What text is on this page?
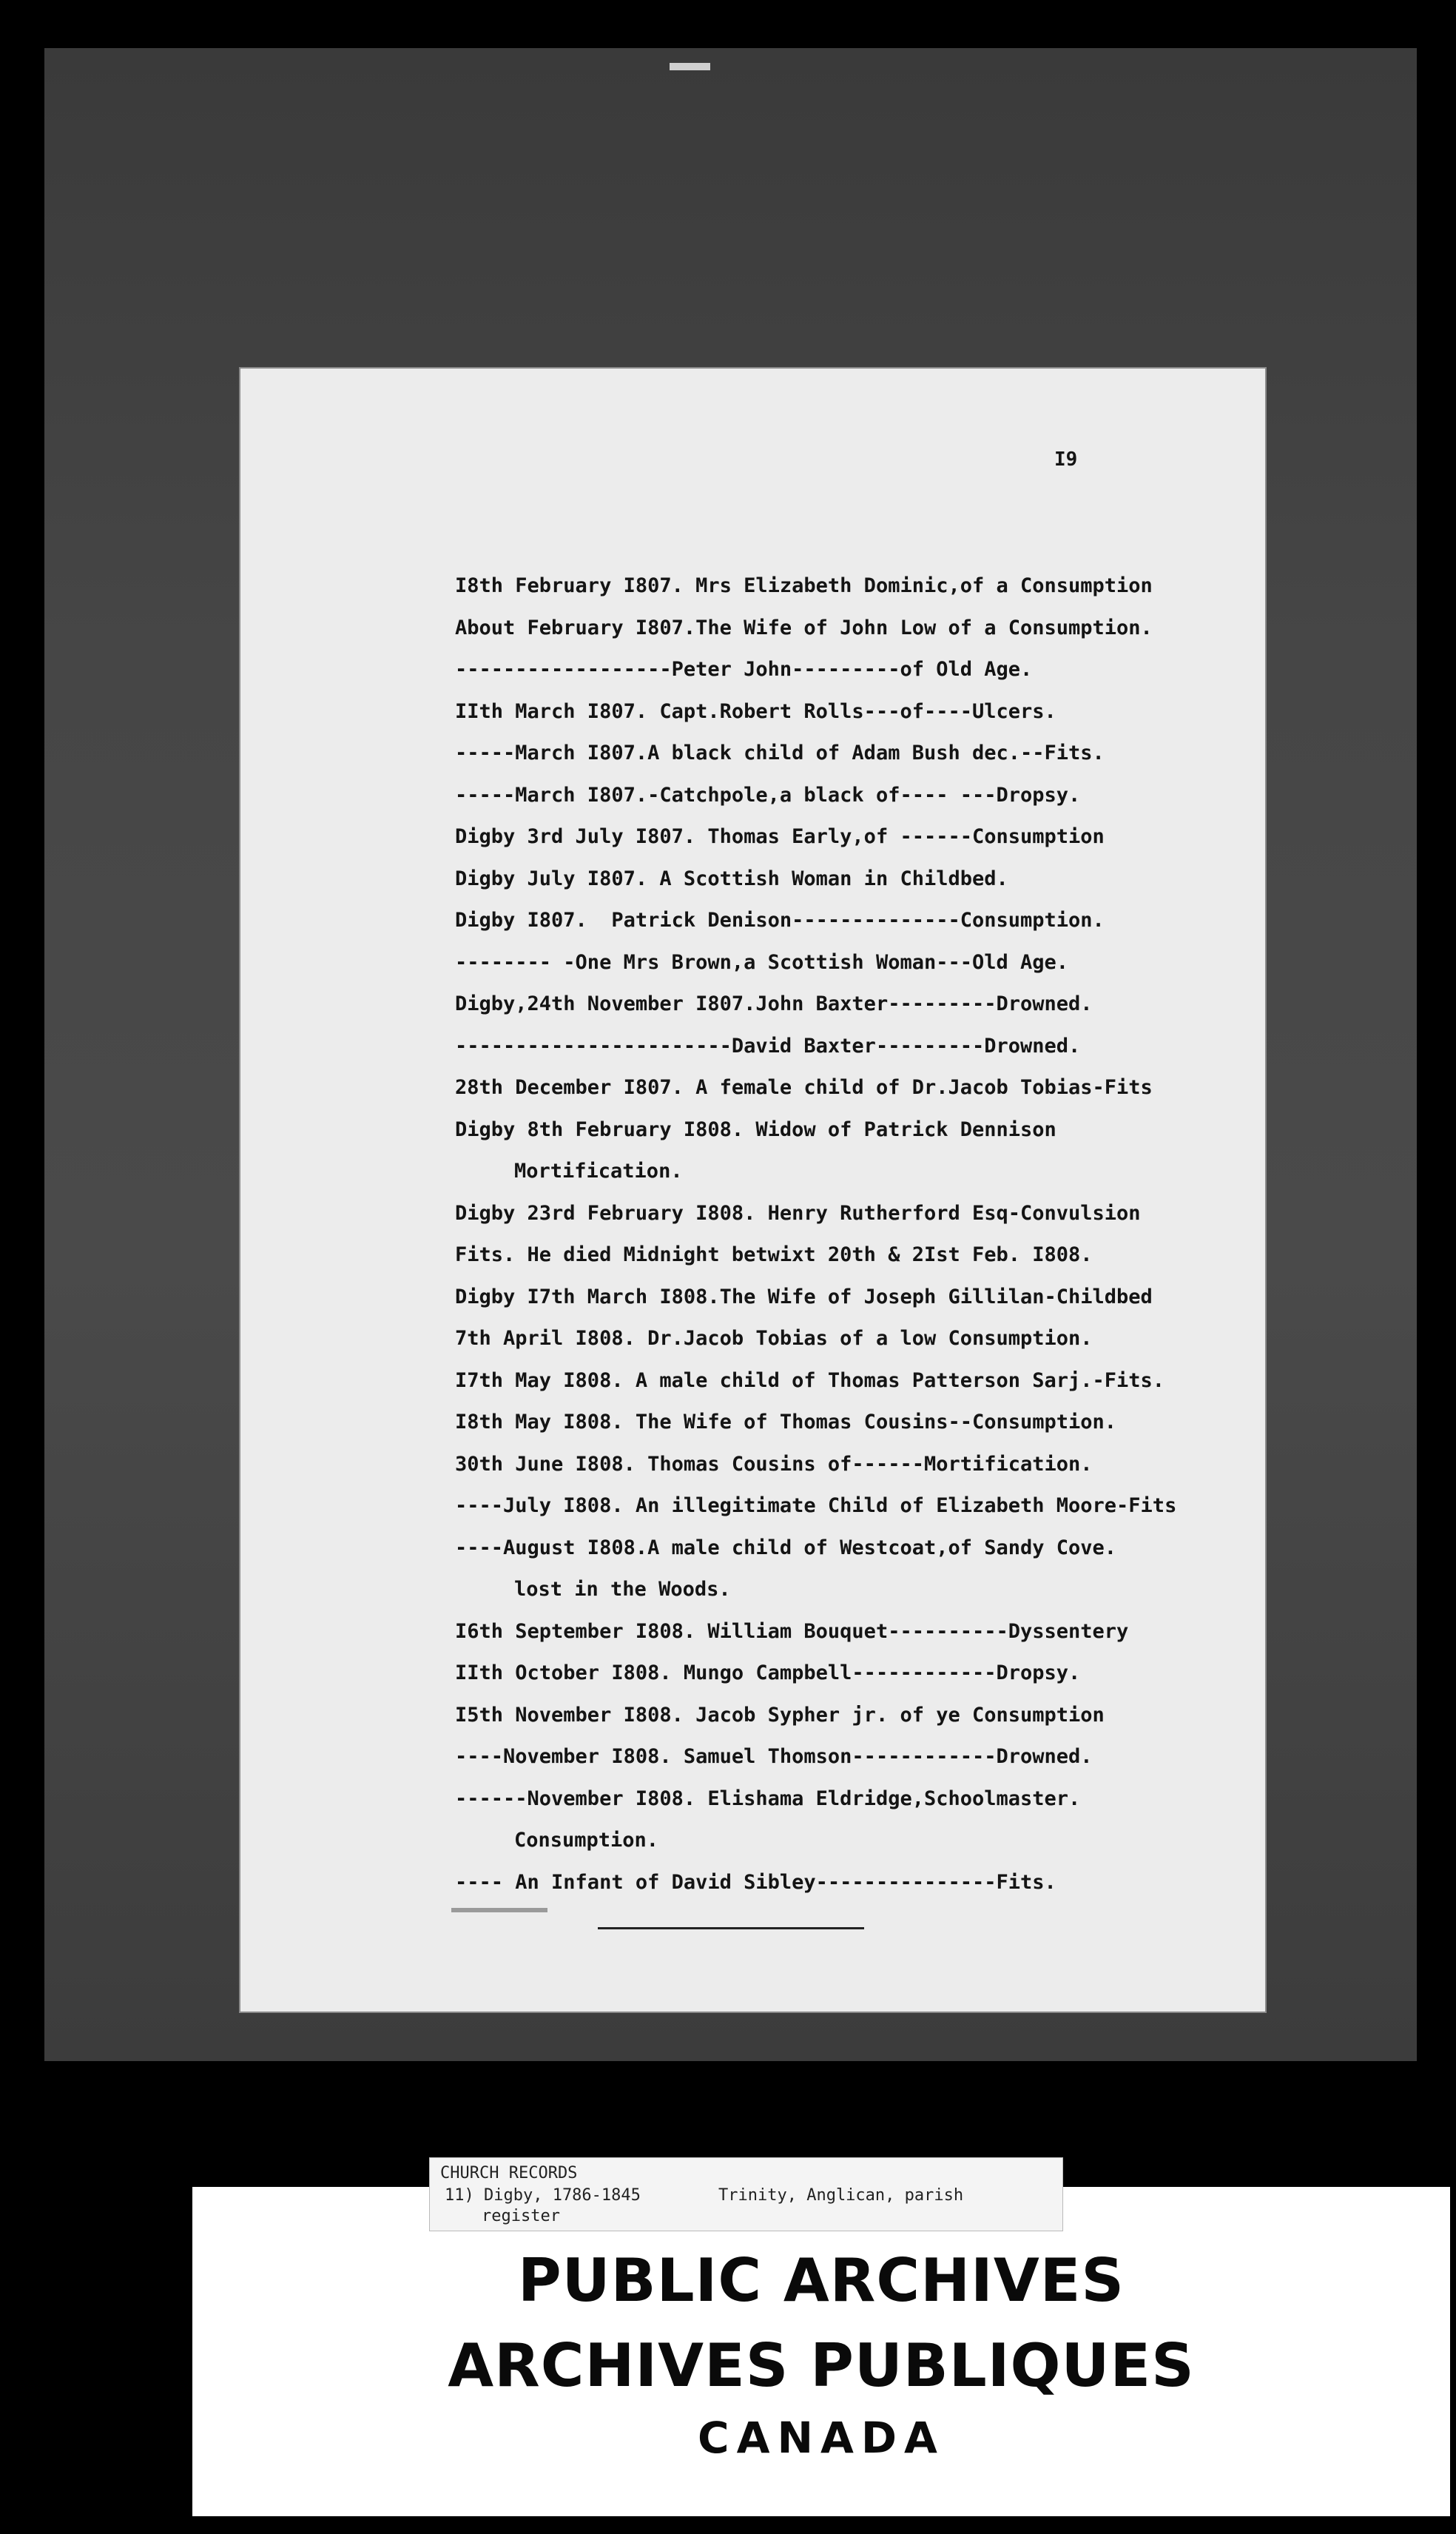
I9
I8th February I807. Mrs Elizabeth Dominic,of a Consumption
About February I807.The Wife of John Low of a Consumption.
------------------Peter John---------of Old Age.
IIth March I807. Capt.Robert Rolls---of----Ulcers.
-----March I807.A black child of Adam Bush dec.--Fits.
-----March I807.-Catchpole,a black of---- ---Dropsy.
Digby 3rd July I807. Thomas Early,of ------Consumption
Digby July I807. A Scottish Woman in Childbed.
Digby I807.  Patrick Denison--------------Consumption.
-------- -One Mrs Brown,a Scottish Woman---Old Age.
Digby,24th November I807.John Baxter---------Drowned.
-----------------------David Baxter---------Drowned.
28th December I807. A female child of Dr.Jacob Tobias-Fits
Digby 8th February I808. Widow of Patrick Dennison
Mortification.
Digby 23rd February I808. Henry Rutherford Esq-Convulsion
Fits. He died Midnight betwixt 20th & 2Ist Feb. I808.
Digby I7th March I808.The Wife of Joseph Gillilan-Childbed
7th April I808. Dr.Jacob Tobias of a low Consumption.
I7th May I808. A male child of Thomas Patterson Sarj.-Fits.
I8th May I808. The Wife of Thomas Cousins--Consumption.
30th June I808. Thomas Cousins of------Mortification.
----July I808. An illegitimate Child of Elizabeth Moore-Fits
----August I808.A male child of Westcoat,of Sandy Cove.
lost in the Woods.
I6th September I808. William Bouquet----------Dyssentery
IIth October I808. Mungo Campbell------------Dropsy.
I5th November I808. Jacob Sypher jr. of ye Consumption
----November I808. Samuel Thomson------------Drowned.
------November I808. Elishama Eldridge,Schoolmaster.
Consumption.
---- An Infant of David Sibley---------------Fits.
CHURCH RECORDS
11) Digby, 1786-1845	Trinity, Anglican, parish
register
PUBLIC ARCHIVES
ARCHIVES PUBLIQUES
CANADA
